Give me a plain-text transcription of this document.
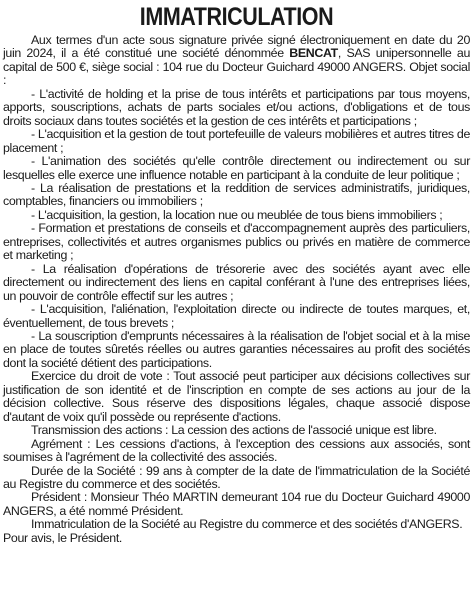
IMMATRICULATION

Aux termes d'un acte sous signature privée signé électroniquement en date du 20 juin 2024, il a été constitué une société dénommée BENCAT, SAS unipersonnelle au capital de 500 €, siège social : 104 rue du Docteur Guichard 49000 ANGERS. Objet social :

- L'activité de holding et la prise de tous intérêts et participations par tous moyens, apports, souscriptions, achats de parts sociales et/ou actions, d'obligations et de tous droits sociaux dans toutes sociétés et la gestion de ces intérêts et participations ;

- L'acquisition et la gestion de tout portefeuille de valeurs mobilières et autres titres de placement ;

- L'animation des sociétés qu'elle contrôle directement ou indirectement ou sur lesquelles elle exerce une influence notable en participant à la conduite de leur politique ;

- La réalisation de prestations et la reddition de services administratifs, juridiques, comptables, financiers ou immobiliers ;

- L'acquisition, la gestion, la location nue ou meublée de tous biens immobiliers ;

- Formation et prestations de conseils et d'accompagnement auprès des particuliers, entreprises, collectivités et autres organismes publics ou privés en matière de commerce et marketing ;

- La réalisation d'opérations de trésorerie avec des sociétés ayant avec elle directement ou indirectement des liens en capital conférant à l'une des entreprises liées, un pouvoir de contrôle effectif sur les autres ;

- L'acquisition, l'aliénation, l'exploitation directe ou indirecte de toutes marques, et, éventuellement, de tous brevets ;

- La souscription d'emprunts nécessaires à la réalisation de l'objet social et à la mise en place de toutes sûretés réelles ou autres garanties nécessaires au profit des sociétés dont la société détient des participations.

Exercice du droit de vote : Tout associé peut participer aux décisions collectives sur justification de son identité et de l'inscription en compte de ses actions au jour de la décision collective. Sous réserve des dispositions légales, chaque associé dispose d'autant de voix qu'il possède ou représente d'actions.

Transmission des actions : La cession des actions de l'associé unique est libre.

Agrément : Les cessions d'actions, à l'exception des cessions aux associés, sont soumises à l'agrément de la collectivité des associés.

Durée de la Société : 99 ans à compter de la date de l'immatriculation de la Société au Registre du commerce et des sociétés.

Président : Monsieur Théo MARTIN demeurant 104 rue du Docteur Guichard 49000 ANGERS, a été nommé Président.

Immatriculation de la Société au Registre du commerce et des sociétés d'ANGERS.

Pour avis, le Président.
